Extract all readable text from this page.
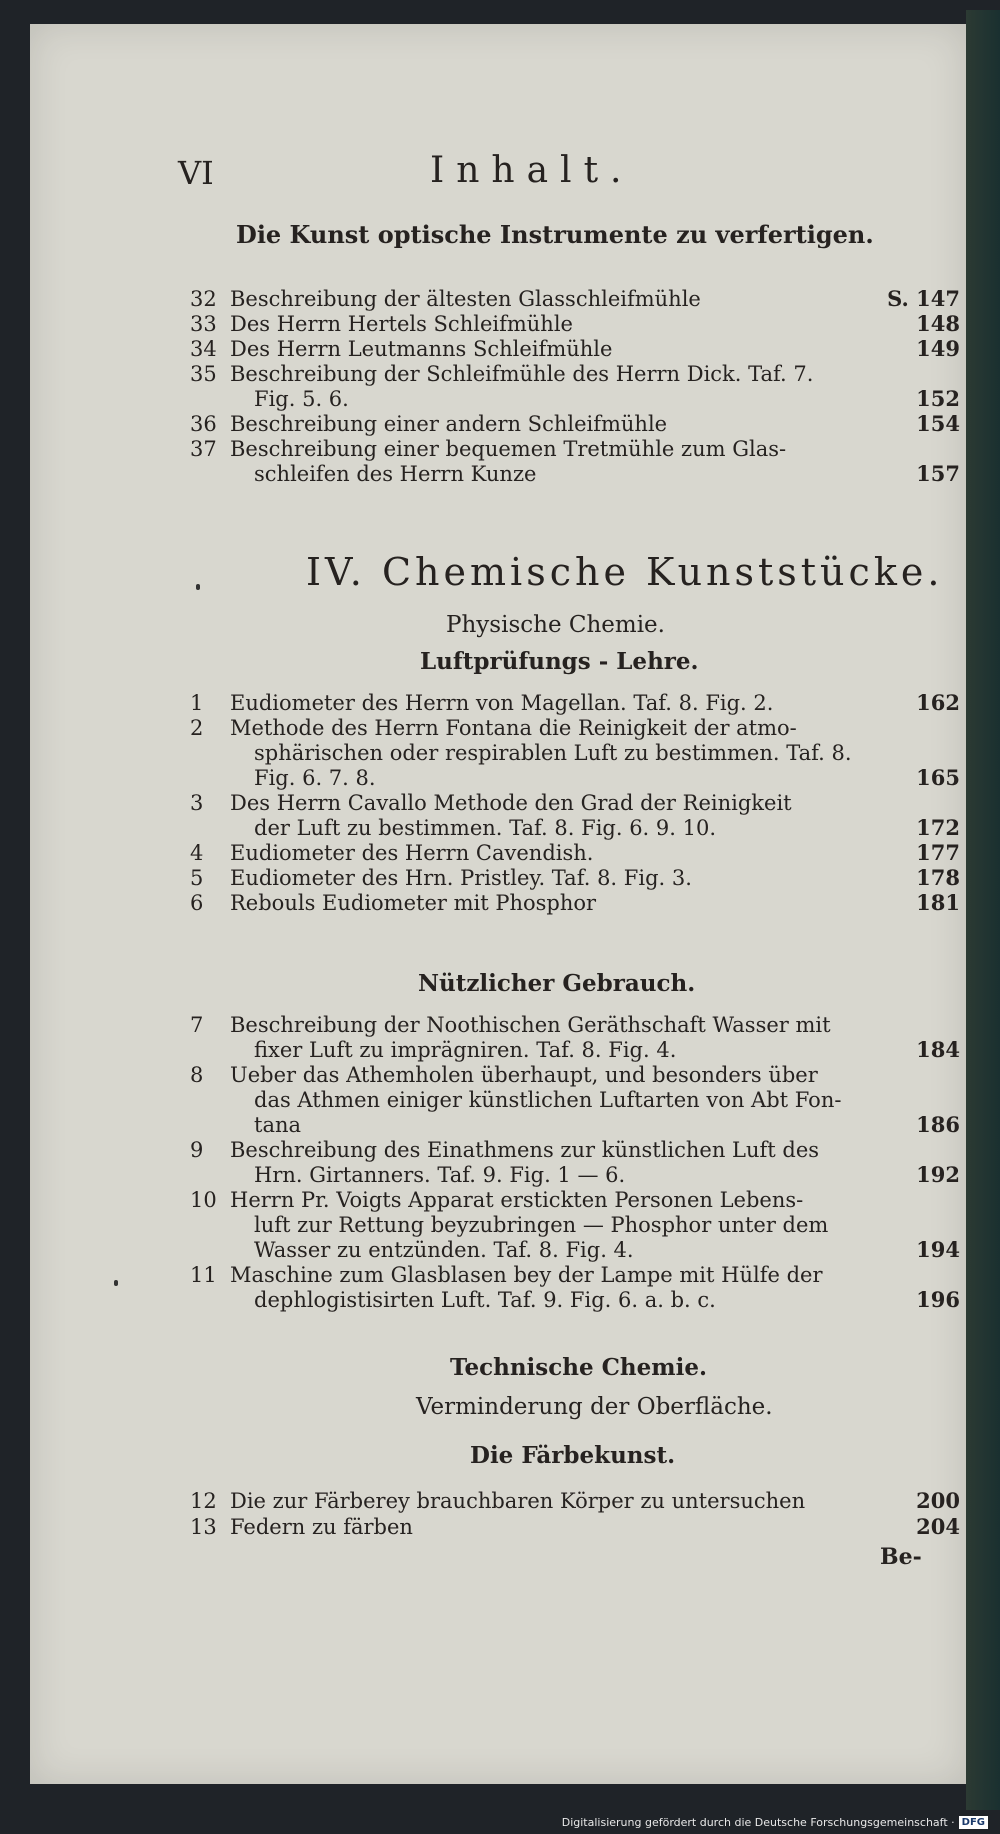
VI	Inhalt.
Die Kunst optische Instrumente zu verfertigen.
32 Beschreibung der ältesten Glasschleifmühle	S. 147
33 Des Herrn Hertels Schleifmühle	148
34 Des Herrn Leutmanns Schleifmühle	149
35 Beschreibung der Schleifmühle des Herrn Dick. Taf. 7.
Fig. 5. 6.	152
36 Beschreibung einer andern Schleifmühle	154
37 Beschreibung einer bequemen Tretmühle zum Glas-
schleifen des Herrn Kunze	157
IV. Chemische Kunststücke.
Physische Chemie.
Luftprüfungs - Lehre.
1	Eudiometer des Herrn von Magellan. Taf. 8. Fig. 2.	162
2	Methode des Herrn Fontana die Reinigkeit der atmo-
sphärischen oder respirablen Luft zu bestimmen. Taf. 8.
Fig. 6. 7. 8.	165
3	Des Herrn Cavallo Methode den Grad der Reinigkeit
der Luft zu bestimmen. Taf. 8. Fig. 6. 9. 10.	172
4	Eudiometer des Herrn Cavendish.	177
5	Eudiometer des Hrn. Pristley. Taf. 8. Fig. 3.	178
6	Rebouls Eudiometer mit Phosphor	181
Nützlicher Gebrauch.
7	Beschreibung der Noothischen Geräthschaft Wasser mit
fixer Luft zu imprägniren. Taf. 8. Fig. 4.	184
8	Ueber das Athemholen überhaupt, und besonders über
das Athmen einiger künstlichen Luftarten von Abt Fon-
tana	186
9	Beschreibung des Einathmens zur künstlichen Luft des
Hrn. Girtanners. Taf. 9. Fig. 1 — 6.	192
10 Herrn Pr. Voigts Apparat erstickten Personen Lebens-
luft zur Rettung beyzubringen — Phosphor unter dem
Wasser zu entzünden. Taf. 8. Fig. 4.	194
11 Maschine zum Glasblasen bey der Lampe mit Hülfe der
dephlogistisirten Luft. Taf. 9. Fig. 6. a. b. c.	196
Technische Chemie.
Verminderung der Oberfläche.
Die Färbekunst.
12 Die zur Färberey brauchbaren Körper zu untersuchen	200
13 Federn zu färben	204
Be-
Digitalisierung gefördert durch die Deutsche Forschungsgemeinschaft · DFG
